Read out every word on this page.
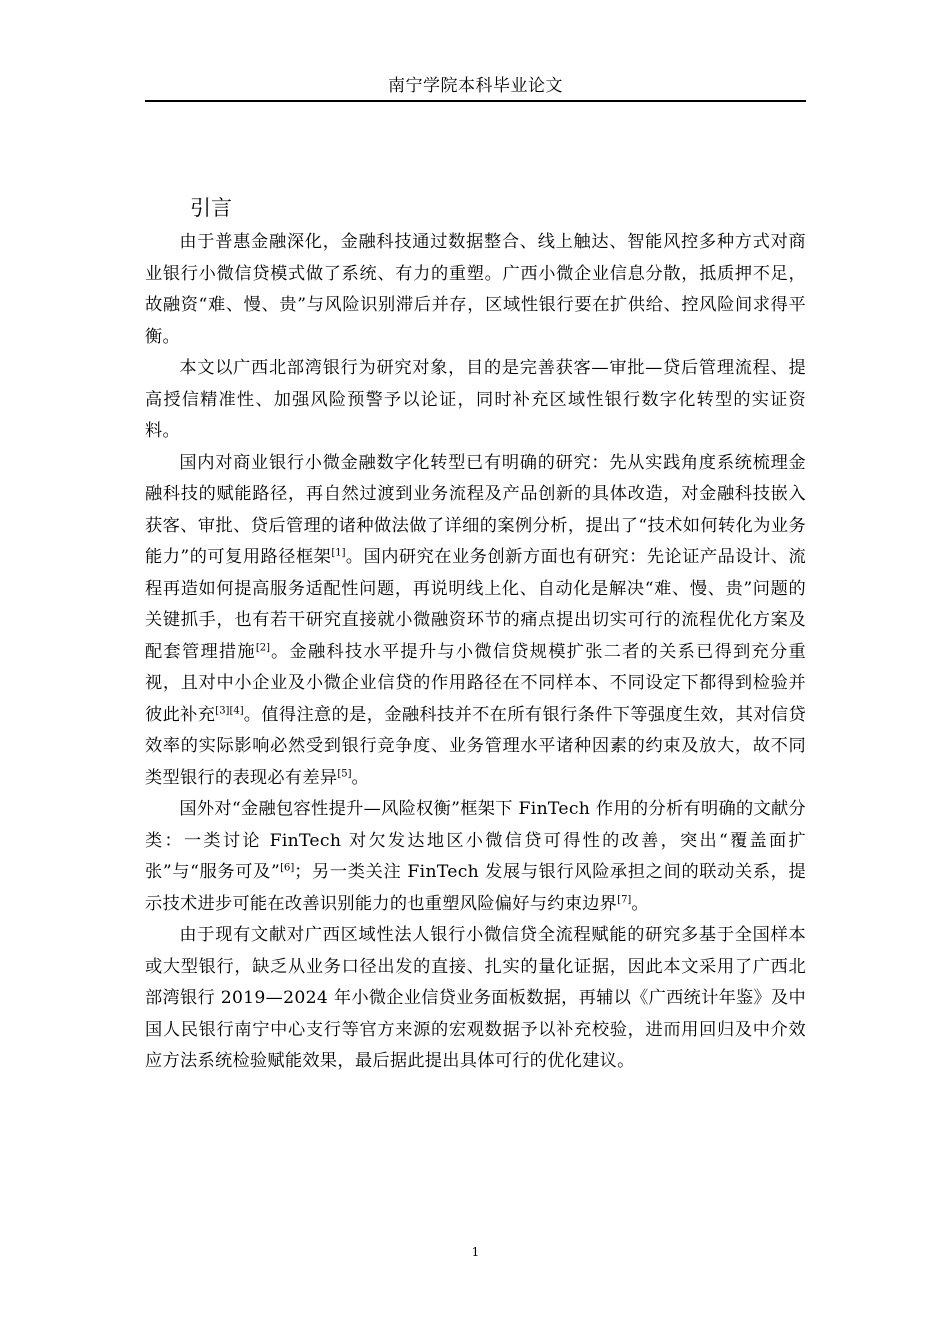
南宁学院本科毕业论文
引言

由于普惠金融深化，金融科技通过数据整合、线上触达、智能风控多种方式对商业银行小微信贷模式做了系统、有力的重塑。广西小微企业信息分散，抵质押不足，故融资“难、慢、贵”与风险识别滞后并存，区域性银行要在扩供给、控风险间求得平衡。

本文以广西北部湾银行为研究对象，目的是完善获客—审批—贷后管理流程、提高授信精准性、加强风险预警予以论证，同时补充区域性银行数字化转型的实证资料。

国内对商业银行小微金融数字化转型已有明确的研究：先从实践角度系统梳理金融科技的赋能路径，再自然过渡到业务流程及产品创新的具体改造，对金融科技嵌入获客、审批、贷后管理的诸种做法做了详细的案例分析，提出了“技术如何转化为业务能力”的可复用路径框架[1]。国内研究在业务创新方面也有研究：先论证产品设计、流程再造如何提高服务适配性问题，再说明线上化、自动化是解决“难、慢、贵”问题的关键抓手，也有若干研究直接就小微融资环节的痛点提出切实可行的流程优化方案及配套管理措施[2]。金融科技水平提升与小微信贷规模扩张二者的关系已得到充分重视，且对中小企业及小微企业信贷的作用路径在不同样本、不同设定下都得到检验并彼此补充[3][4]。值得注意的是，金融科技并不在所有银行条件下等强度生效，其对信贷效率的实际影响必然受到银行竞争度、业务管理水平诸种因素的约束及放大，故不同类型银行的表现必有差异[5]。

国外对“金融包容性提升—风险权衡”框架下 FinTech 作用的分析有明确的文献分类：一类讨论 FinTech 对欠发达地区小微信贷可得性的改善，突出“覆盖面扩张”与“服务可及”[6]；另一类关注 FinTech 发展与银行风险承担之间的联动关系，提示技术进步可能在改善识别能力的也重塑风险偏好与约束边界[7]。

由于现有文献对广西区域性法人银行小微信贷全流程赋能的研究多基于全国样本或大型银行，缺乏从业务口径出发的直接、扎实的量化证据，因此本文采用了广西北部湾银行 2019—2024 年小微企业信贷业务面板数据，再辅以《广西统计年鉴》及中国人民银行南宁中心支行等官方来源的宏观数据予以补充校验，进而用回归及中介效应方法系统检验赋能效果，最后据此提出具体可行的优化建议。

1
